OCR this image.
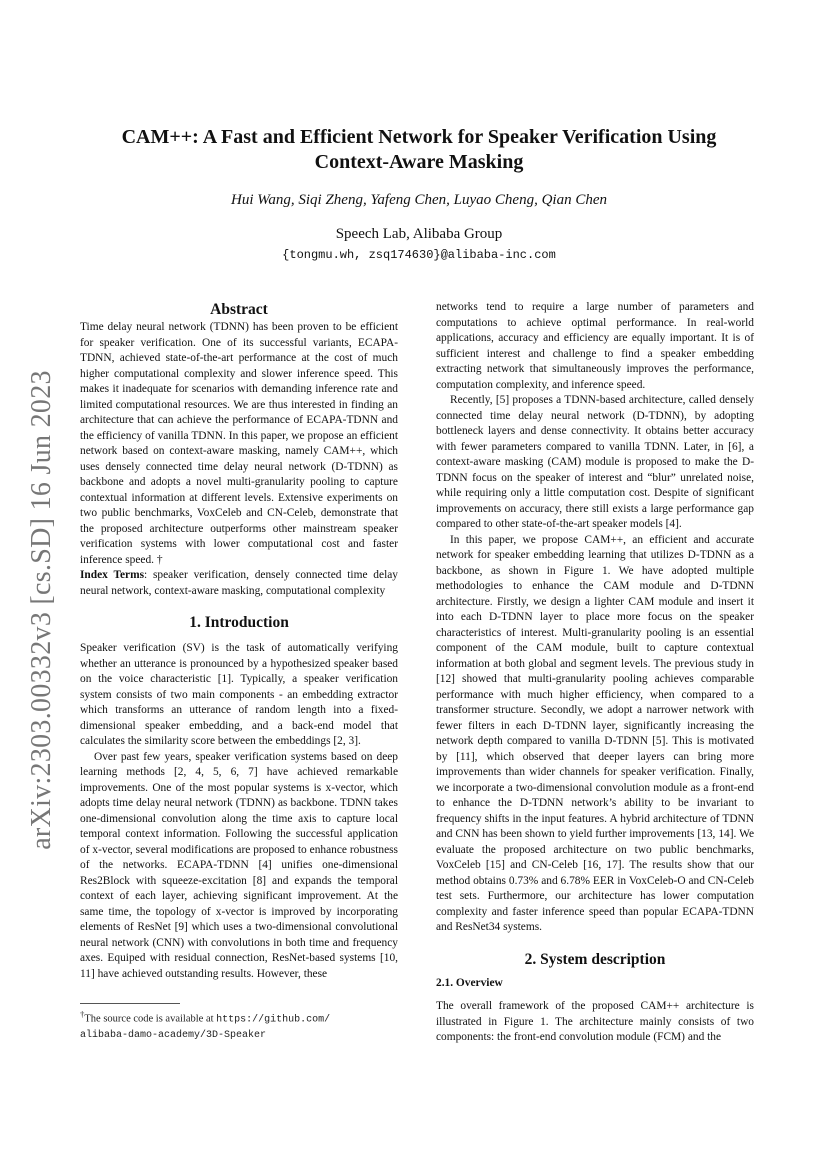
arXiv:2303.00332v3 [cs.SD] 16 Jun 2023
CAM++: A Fast and Efficient Network for Speaker Verification Using
Context-Aware Masking
Hui Wang, Siqi Zheng, Yafeng Chen, Luyao Cheng, Qian Chen
Speech Lab, Alibaba Group
{tongmu.wh, zsq174630}@alibaba-inc.com
Abstract

Time delay neural network (TDNN) has been proven to be efficient for speaker verification. One of its successful variants, ECAPA-TDNN, achieved state-of-the-art performance at the cost of much higher computational complexity and slower inference speed. This makes it inadequate for scenarios with demanding inference rate and limited computational resources. We are thus interested in finding an architecture that can achieve the performance of ECAPA-TDNN and the efficiency of vanilla TDNN. In this paper, we propose an efficient network based on context-aware masking, namely CAM++, which uses densely connected time delay neural network (D-TDNN) as backbone and adopts a novel multi-granularity pooling to capture contextual information at different levels. Extensive experiments on two public benchmarks, VoxCeleb and CN-Celeb, demonstrate that the proposed architecture outperforms other mainstream speaker verification systems with lower computational cost and faster inference speed. †

Index Terms: speaker verification, densely connected time delay neural network, context-aware masking, computational complexity

1. Introduction

Speaker verification (SV) is the task of automatically verifying whether an utterance is pronounced by a hypothesized speaker based on the voice characteristic [1]. Typically, a speaker verification system consists of two main components - an embedding extractor which transforms an utterance of random length into a fixed-dimensional speaker embedding, and a back-end model that calculates the similarity score between the embeddings [2, 3].

Over past few years, speaker verification systems based on deep learning methods [2, 4, 5, 6, 7] have achieved remarkable improvements. One of the most popular systems is x-vector, which adopts time delay neural network (TDNN) as backbone. TDNN takes one-dimensional convolution along the time axis to capture local temporal context information. Following the successful application of x-vector, several modifications are proposed to enhance robustness of the networks. ECAPA-TDNN [4] unifies one-dimensional Res2Block with squeeze-excitation [8] and expands the temporal context of each layer, achieving significant improvement. At the same time, the topology of x-vector is improved by incorporating elements of ResNet [9] which uses a two-dimensional convolutional neural network (CNN) with convolutions in both time and frequency axes. Equiped with residual connection, ResNet-based systems [10, 11] have achieved outstanding results. However, these

†The source code is available at https://github.com/
alibaba-damo-academy/3D-Speaker

networks tend to require a large number of parameters and computations to achieve optimal performance. In real-world applications, accuracy and efficiency are equally important. It is of sufficient interest and challenge to find a speaker embedding extracting network that simultaneously improves the performance, computation complexity, and inference speed.

Recently, [5] proposes a TDNN-based architecture, called densely connected time delay neural network (D-TDNN), by adopting bottleneck layers and dense connectivity. It obtains better accuracy with fewer parameters compared to vanilla TDNN. Later, in [6], a context-aware masking (CAM) module is proposed to make the D-TDNN focus on the speaker of interest and “blur” unrelated noise, while requiring only a little computation cost. Despite of significant improvements on accuracy, there still exists a large performance gap compared to other state-of-the-art speaker models [4].

In this paper, we propose CAM++, an efficient and accurate network for speaker embedding learning that utilizes D-TDNN as a backbone, as shown in Figure 1. We have adopted multiple methodologies to enhance the CAM module and D-TDNN architecture. Firstly, we design a lighter CAM module and insert it into each D-TDNN layer to place more focus on the speaker characteristics of interest. Multi-granularity pooling is an essential component of the CAM module, built to capture contextual information at both global and segment levels. The previous study in [12] showed that multi-granularity pooling achieves comparable performance with much higher efficiency, when compared to a transformer structure. Secondly, we adopt a narrower network with fewer filters in each D-TDNN layer, significantly increasing the network depth compared to vanilla D-TDNN [5]. This is motivated by [11], which observed that deeper layers can bring more improvements than wider channels for speaker verification. Finally, we incorporate a two-dimensional convolution module as a front-end to enhance the D-TDNN network’s ability to be invariant to frequency shifts in the input features. A hybrid architecture of TDNN and CNN has been shown to yield further improvements [13, 14]. We evaluate the proposed architecture on two public benchmarks, VoxCeleb [15] and CN-Celeb [16, 17]. The results show that our method obtains 0.73% and 6.78% EER in VoxCeleb-O and CN-Celeb test sets. Furthermore, our architecture has lower computation complexity and faster inference speed than popular ECAPA-TDNN and ResNet34 systems.

2. System description
2.1. Overview

The overall framework of the proposed CAM++ architecture is illustrated in Figure 1. The architecture mainly consists of two components: the front-end convolution module (FCM) and the
